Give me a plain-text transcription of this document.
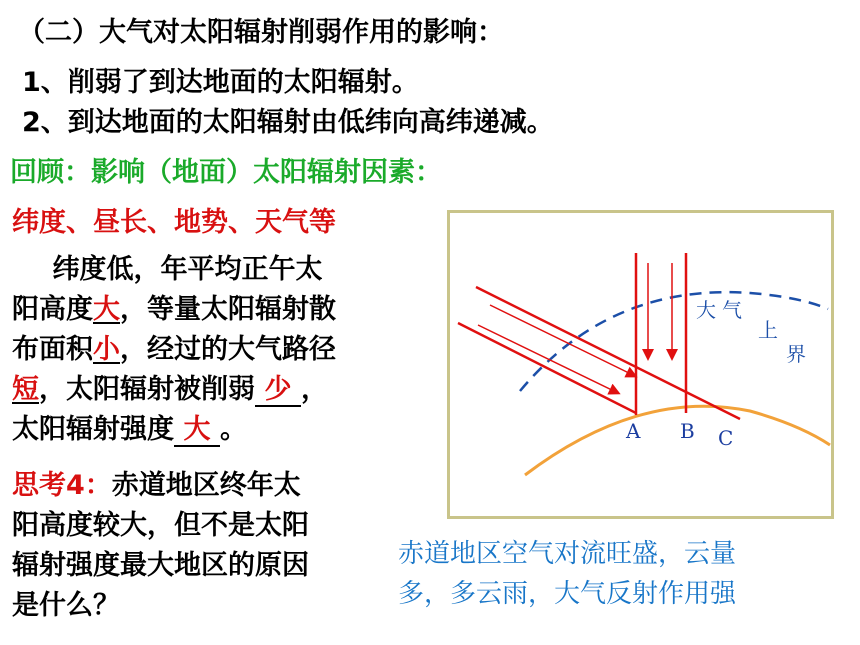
（二）大气对太阳辐射削弱作用的影响：
1、削弱了到达地面的太阳辐射。
2、到达地面的太阳辐射由低纬向高纬递减。
回顾：影响（地面）太阳辐射因素：
纬度、昼长、地势、天气等
  纬度低，年平均正午太
阳高度大，等量太阳辐射散
布面积小，经过的大气路径
短，太阳辐射被削弱 少 ，
太阳辐射强度 大 。
思考4：赤道地区终年太
阳高度较大，但不是太阳
辐射强度最大地区的原因
是什么？
赤道地区空气对流旺盛，云量
多，多云雨，大气反射作用强
大 气
上
界
A B C
